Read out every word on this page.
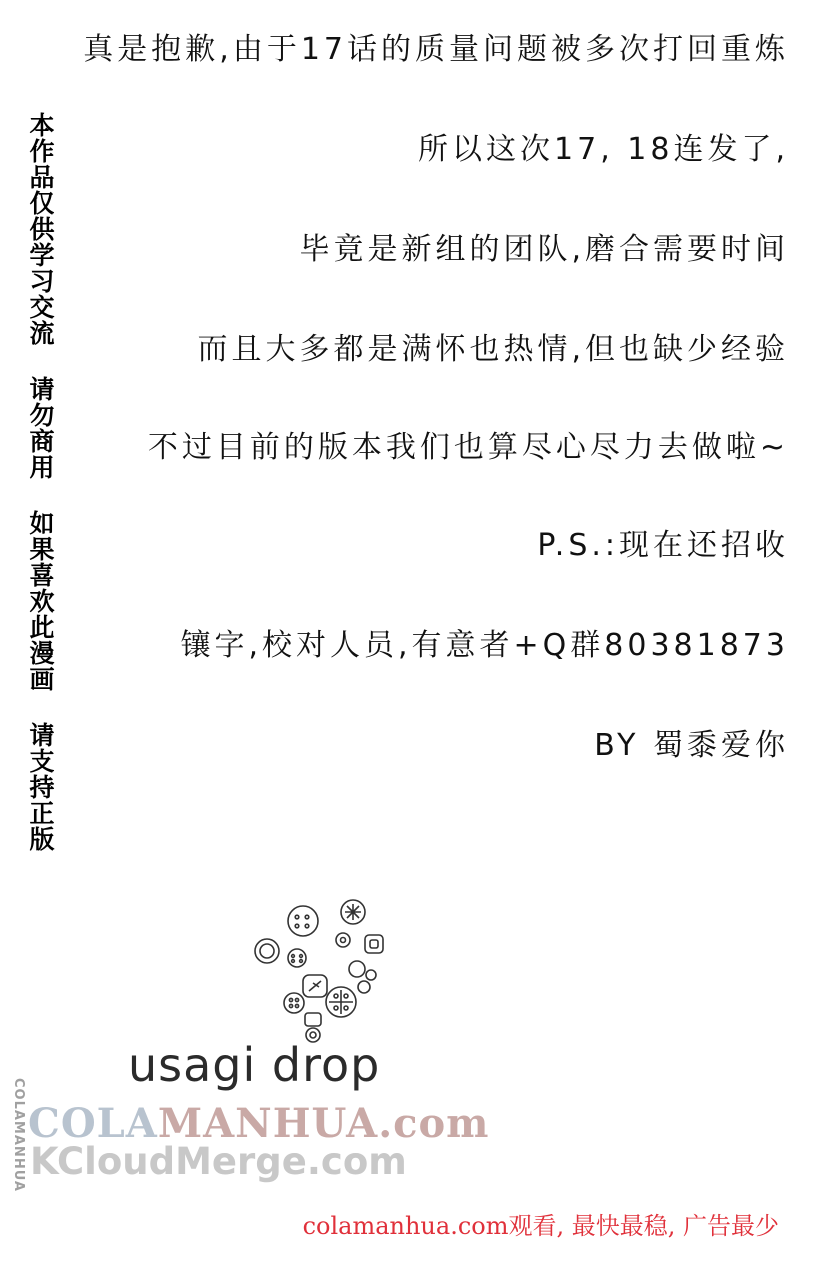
真是抱歉,由于17话的质量问题被多次打回重炼

所以这次17, 18连发了,

毕竟是新组的团队,磨合需要时间

而且大多都是满怀也热情,但也缺少经验

不过目前的版本我们也算尽心尽力去做啦~

P.S.:现在还招收

镶字,校对人员,有意者+Q群80381873

BY 蜀黍爱你

本作品仅供学习交流 请勿商用 如果喜欢此漫画 请支持正版
usagi drop
COLAMANHUA COLAMANHUA.com
KCloudMerge.com
colamanhua.com观看, 最快最稳, 广告最少
